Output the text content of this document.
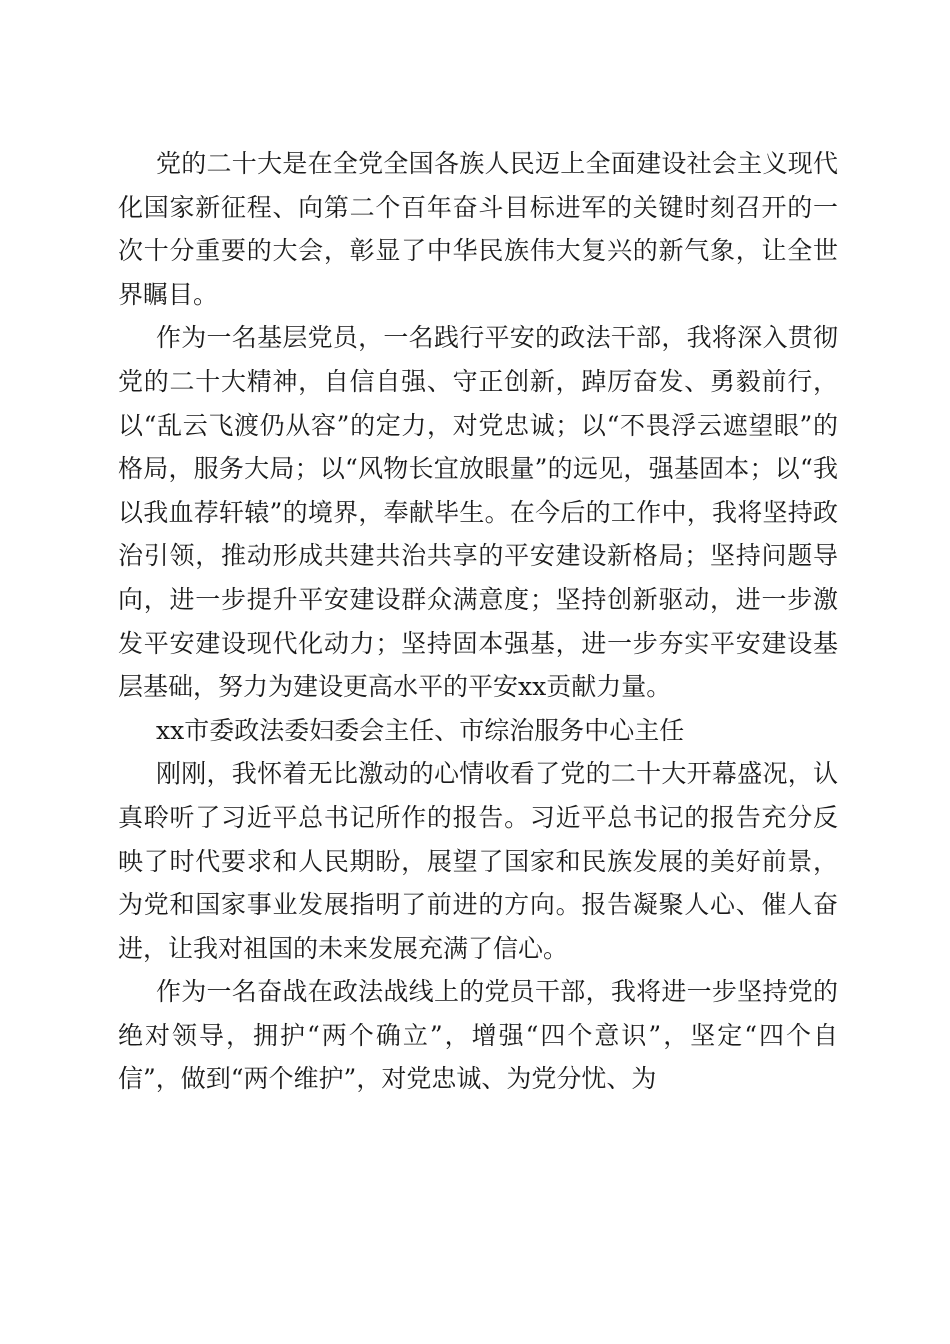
党的二十大是在全党全国各族人民迈上全面建设社会主义现代化国家新征程、向第二个百年奋斗目标进军的关键时刻召开的一次十分重要的大会，彰显了中华民族伟大复兴的新气象，让全世界瞩目。

作为一名基层党员，一名践行平安的政法干部，我将深入贯彻党的二十大精神，自信自强、守正创新，踔厉奋发、勇毅前行，以“乱云飞渡仍从容”的定力，对党忠诚；以“不畏浮云遮望眼”的格局，服务大局；以“风物长宜放眼量”的远见，强基固本；以“我以我血荐轩辕”的境界，奉献毕生。在今后的工作中，我将坚持政治引领，推动形成共建共治共享的平安建设新格局；坚持问题导向，进一步提升平安建设群众满意度；坚持创新驱动，进一步激发平安建设现代化动力；坚持固本强基，进一步夯实平安建设基层基础，努力为建设更高水平的平安xx贡献力量。

xx市委政法委妇委会主任、市综治服务中心主任

刚刚，我怀着无比激动的心情收看了党的二十大开幕盛况，认真聆听了习近平总书记所作的报告。习近平总书记的报告充分反映了时代要求和人民期盼，展望了国家和民族发展的美好前景，为党和国家事业发展指明了前进的方向。报告凝聚人心、催人奋进，让我对祖国的未来发展充满了信心。

作为一名奋战在政法战线上的党员干部，我将进一步坚持党的绝对领导，拥护“两个确立”，增强“四个意识”，坚定“四个自信”，做到“两个维护”，对党忠诚、为党分忧、为
